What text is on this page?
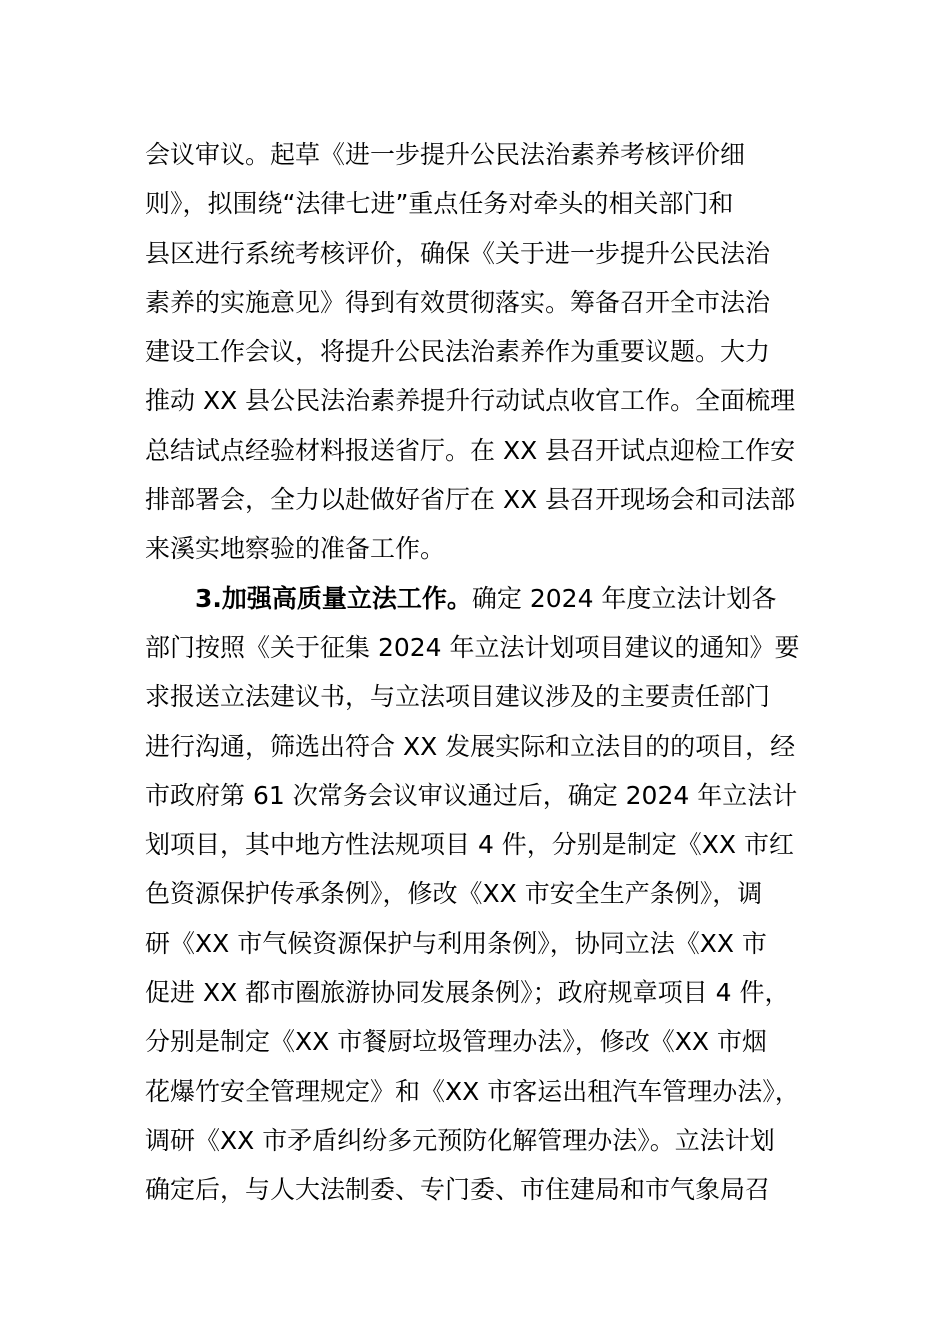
会议审议。起草《进一步提升公民法治素养考核评价细
则》，拟围绕“法律七进”重点任务对牵头的相关部门和
县区进行系统考核评价，确保《关于进一步提升公民法治
素养的实施意见》得到有效贯彻落实。筹备召开全市法治
建设工作会议，将提升公民法治素养作为重要议题。大力
推动 XX 县公民法治素养提升行动试点收官工作。全面梳理
总结试点经验材料报送省厅。在 XX 县召开试点迎检工作安
排部署会，全力以赴做好省厅在 XX 县召开现场会和司法部
来溪实地察验的准备工作。
3.加强高质量立法工作。确定 2024 年度立法计划各
部门按照《关于征集 2024 年立法计划项目建议的通知》要
求报送立法建议书，与立法项目建议涉及的主要责任部门
进行沟通，筛选出符合 XX 发展实际和立法目的的项目，经
市政府第 61 次常务会议审议通过后，确定 2024 年立法计
划项目，其中地方性法规项目 4 件，分别是制定《XX 市红
色资源保护传承条例》，修改《XX 市安全生产条例》，调
研《XX 市气候资源保护与利用条例》，协同立法《XX 市
促进 XX 都市圈旅游协同发展条例》；政府规章项目 4 件，
分别是制定《XX 市餐厨垃圾管理办法》，修改《XX 市烟
花爆竹安全管理规定》和《XX 市客运出租汽车管理办法》，
调研《XX 市矛盾纠纷多元预防化解管理办法》。立法计划
确定后，与人大法制委、专门委、市住建局和市气象局召
